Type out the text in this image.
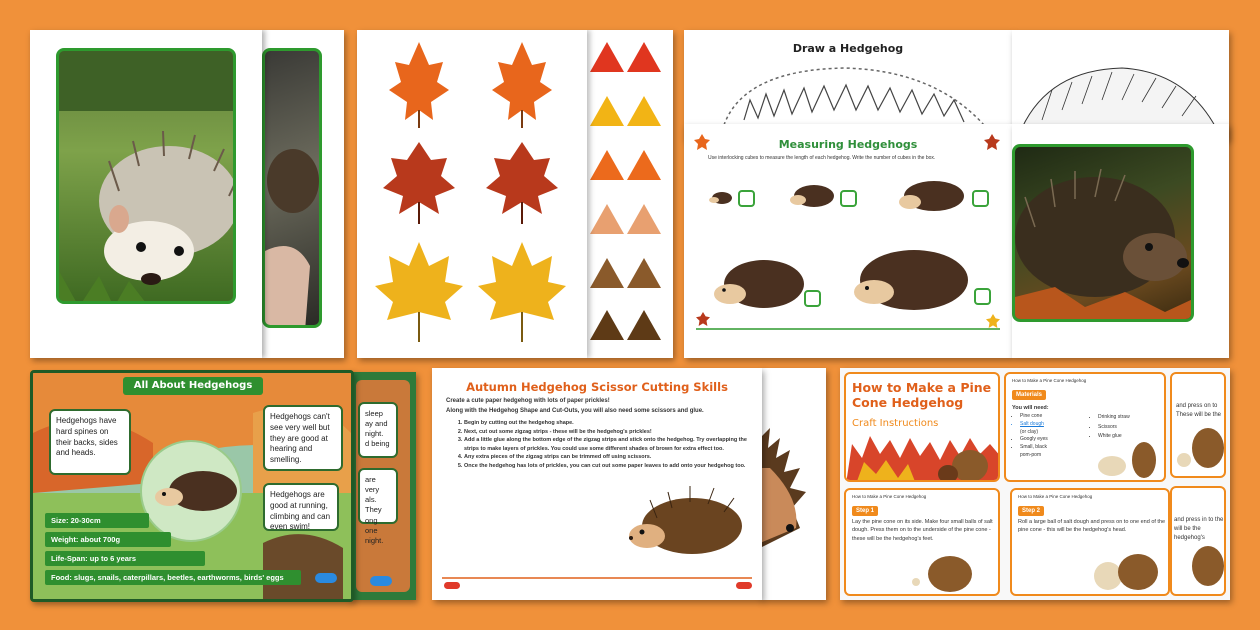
Draw a Hedgehog
Measuring Hedgehogs
Use interlocking cubes to measure the length of each hedgehog. Write the number of cubes in the box.
sleep
ay and
night.
d being
are very
als. They
ong
one night.
All About Hedgehogs
Hedgehogs have hard spines on their backs, sides and heads.
Hedgehogs can't see very well but they are good at hearing and smelling.
Hedgehogs are good at running, climbing and can even swim!
Size: 20-30cm
Weight: about 700g
Life-Span: up to 6 years
Food: slugs, snails, caterpillars, beetles, earthworms, birds' eggs
Autumn Hedgehog Scissor Cutting Skills
Create a cute paper hedgehog with lots of paper prickles!
Along with the Hedgehog Shape and Cut-Outs, you will also need some scissors and glue.
1. Begin by cutting out the hedgehog shape.
2. Next, cut out some zigzag strips - these will be the hedgehog's prickles!
3. Add a little glue along the bottom edge of the zigzag strips and stick onto the hedgehog. Try overlapping the strips to make layers of prickles. You could use some different shades of brown for extra effect too.
4. Any extra pieces of the zigzag strips can be trimmed off using scissors.
5. Once the hedgehog has lots of prickles, you can cut out some paper leaves to add onto your hedgehog too.
and press on to
These will be the
and press in to the
will be the hedgehog's
How to Make a Pine Cone Hedgehog
Craft Instructions
How to Make a Pine Cone Hedgehog
Materials
You will need:
• Pine cone
• Salt dough
(or clay)
• Googly eyes
• Small, black
pom-pom
• Drinking straw
• Scissors
• White glue
How to Make a Pine Cone Hedgehog
Step 1
Lay the pine cone on its side. Make four small balls of salt dough. Press them on to the underside of the pine cone - these will be the hedgehog's feet.
How to Make a Pine Cone Hedgehog
Step 2
Roll a large ball of salt dough and press on to one end of the pine cone - this will be the hedgehog's head.
